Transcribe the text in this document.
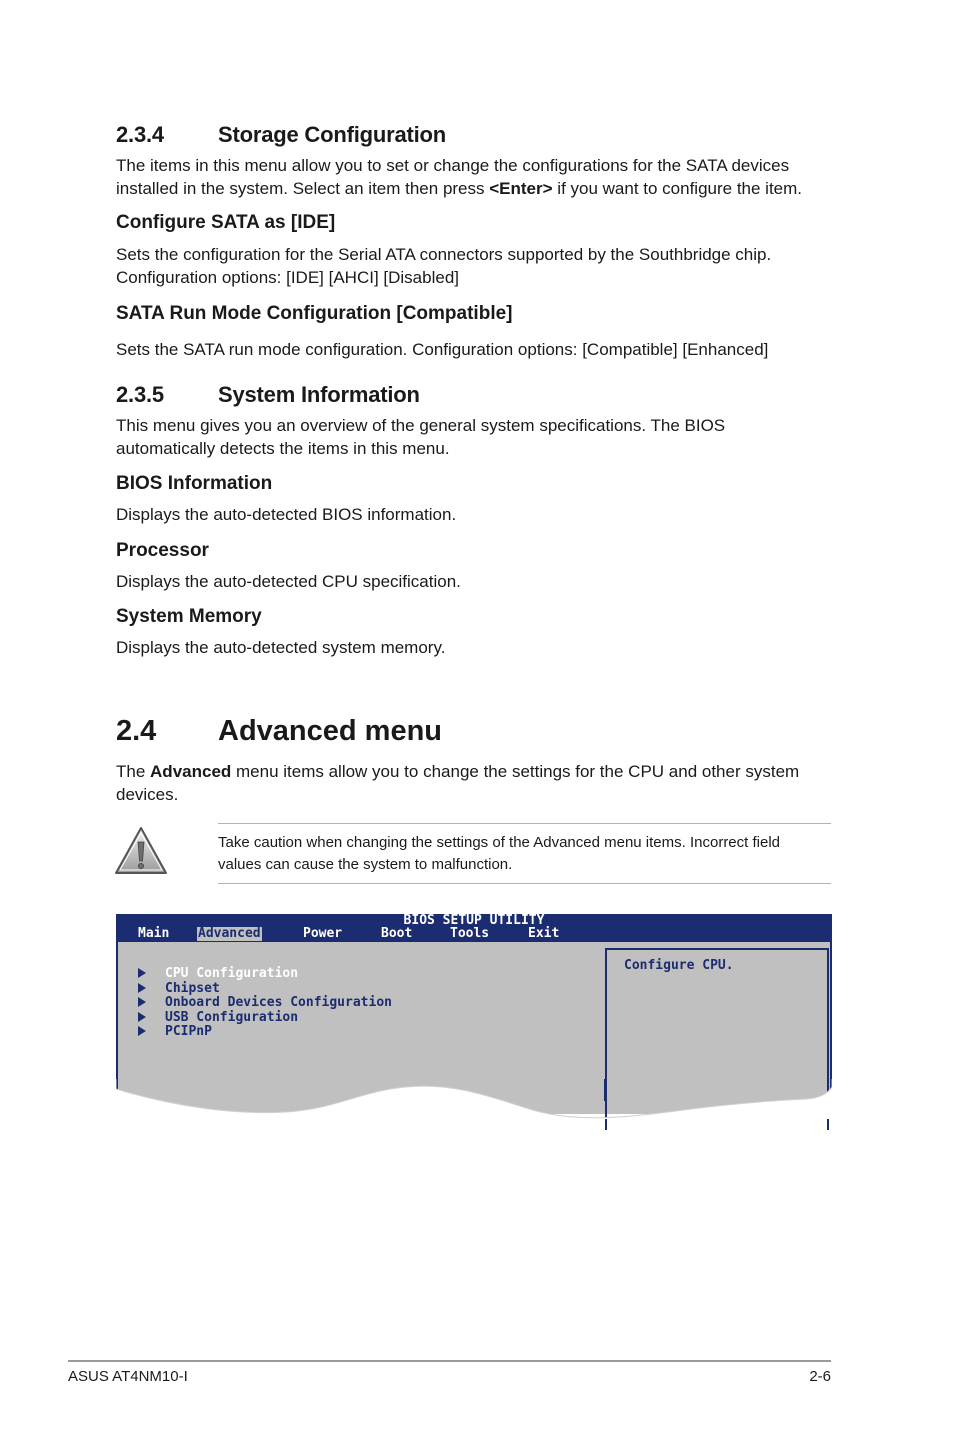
2.3.4 Storage Configuration
The items in this menu allow you to set or change the configurations for the SATA devices installed in the system. Select an item then press <Enter> if you want to configure the item.
Configure SATA as [IDE]
Sets the configuration for the Serial ATA connectors supported by the Southbridge chip. Configuration options: [IDE] [AHCI] [Disabled]
SATA Run Mode Configuration [Compatible]
Sets the SATA run mode configuration. Configuration options: [Compatible] [Enhanced]
2.3.5 System Information
This menu gives you an overview of the general system specifications. The BIOS automatically detects the items in this menu.
BIOS Information
Displays the auto-detected BIOS information.
Processor
Displays the auto-detected CPU specification.
System Memory
Displays the auto-detected system memory.
2.4 Advanced menu
The Advanced menu items allow you to change the settings for the CPU and other system devices.
Take caution when changing the settings of the Advanced menu items. Incorrect field values can cause the system to malfunction.
BIOS SETUP UTILITY
Main Advanced	Power	Boot	Tools	Exit
CPU Configuration
Chipset
Onboard Devices Configuration
USB Configuration
PCIPnP
Configure CPU.
ASUS AT4NM10-I	2-6
